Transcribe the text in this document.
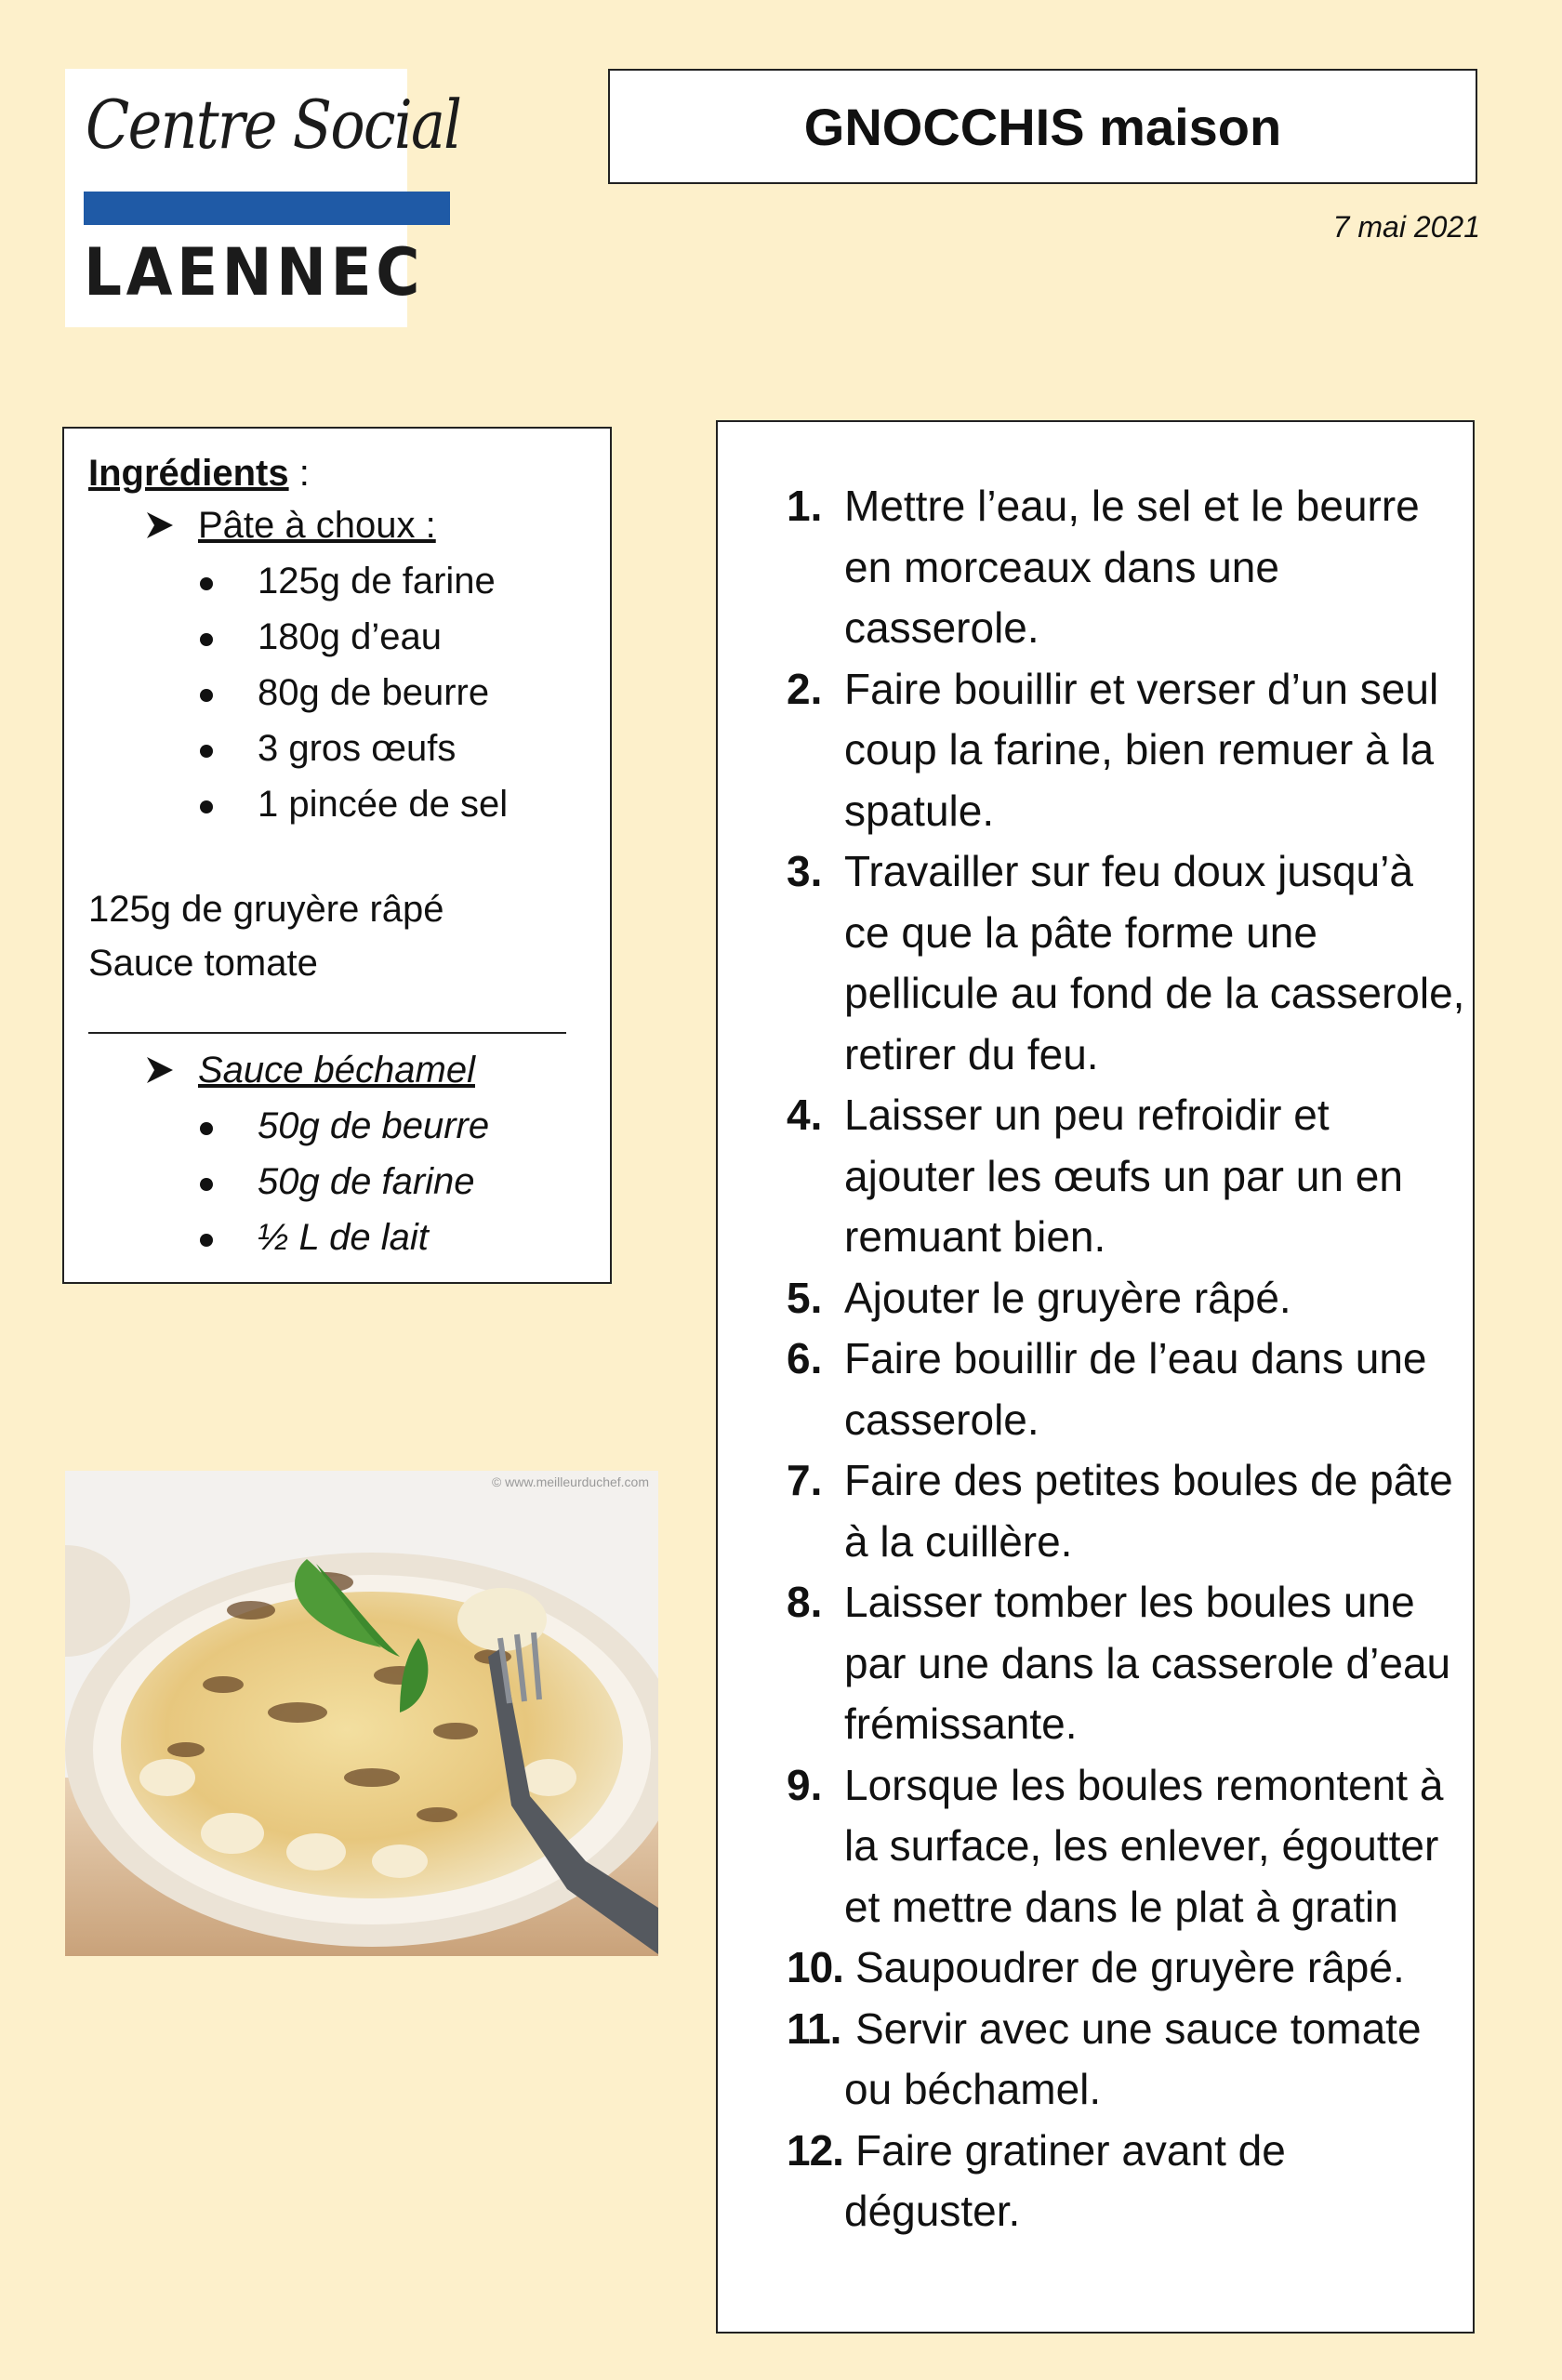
Centre Social
LAENNEC
GNOCCHIS maison
7 mai 2021
Ingrédients :
Pâte à choux :
125g de farine
180g d’eau
80g de beurre
3 gros œufs
1 pincée de sel
125g de gruyère râpé
Sauce tomate
Sauce béchamel
50g de beurre
50g de farine
½ L de lait
© www.meilleurduchef.com
1. Mettre l’eau, le sel et le beurre en morceaux dans une casserole.
2. Faire bouillir et verser d’un seul coup la farine, bien remuer à la spatule.
3. Travailler sur feu doux jusqu’à ce que la pâte forme une pellicule au fond de la casserole, retirer du feu.
4. Laisser un peu refroidir et ajouter les œufs un par un en remuant bien.
5. Ajouter le gruyère râpé.
6. Faire bouillir de l’eau dans une casserole.
7. Faire des petites boules de pâte à la cuillère.
8. Laisser tomber les boules une par une dans la casserole d’eau frémissante.
9. Lorsque les boules remontent à la surface, les enlever, égoutter et mettre dans le plat à gratin
10. Saupoudrer de gruyère râpé.
11. Servir avec une sauce tomate ou béchamel.
12. Faire gratiner avant de déguster.
